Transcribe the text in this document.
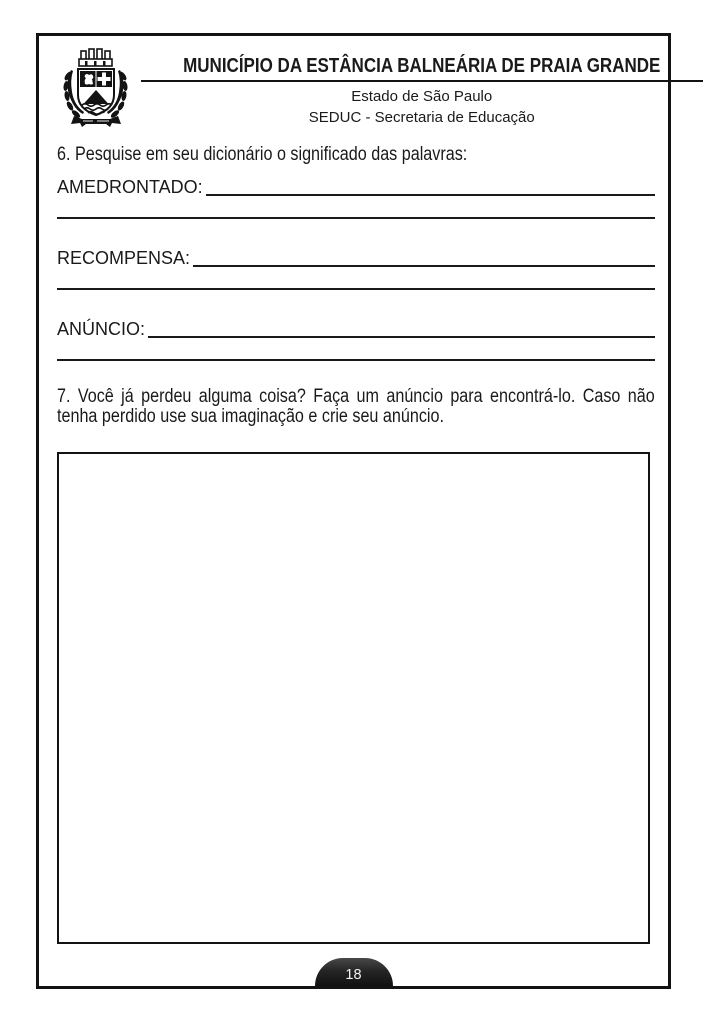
MUNICÍPIO DA ESTÂNCIA BALNEÁRIA DE PRAIA GRANDE
Estado de São Paulo
SEDUC - Secretaria de Educação
6. Pesquise em seu dicionário o significado das palavras:
AMEDRONTADO:
RECOMPENSA:
ANÚNCIO:
7. Você já perdeu alguma coisa? Faça um anúncio para encontrá-lo. Caso não tenha perdido use sua imaginação e crie seu anúncio.
18
